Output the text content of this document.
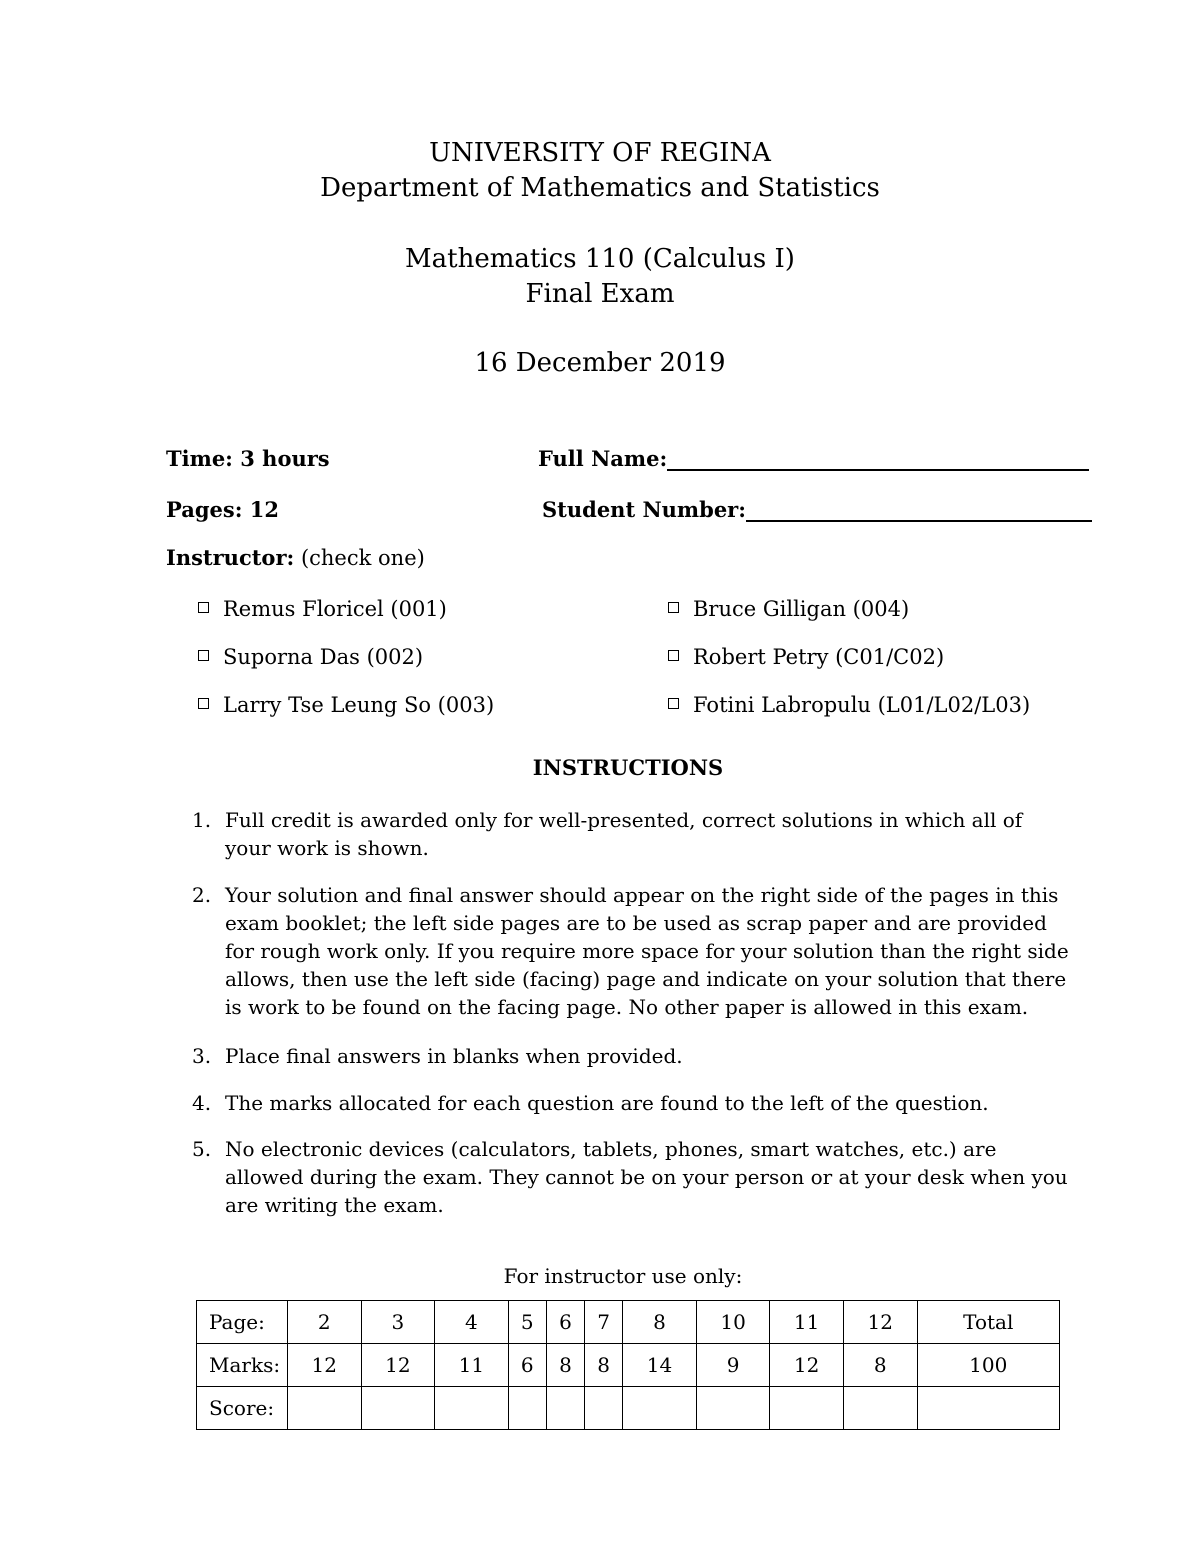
UNIVERSITY OF REGINA
Department of Mathematics and Statistics
Mathematics 110 (Calculus I)
Final Exam
16 December 2019
Time: 3 hours	Full Name:
Pages: 12	Student Number:
Instructor: (check one)
Remus Floricel (001)
Suporna Das (002)
Larry Tse Leung So (003)
Bruce Gilligan (004)
Robert Petry (C01/C02)
Fotini Labropulu (L01/L02/L03)
INSTRUCTIONS
1. Full credit is awarded only for well-presented, correct solutions in which all of your work is shown.
2. Your solution and final answer should appear on the right side of the pages in this exam booklet; the left side pages are to be used as scrap paper and are provided for rough work only. If you require more space for your solution than the right side allows, then use the left side (facing) page and indicate on your solution that there is work to be found on the facing page. No other paper is allowed in this exam.
3. Place final answers in blanks when provided.
4. The marks allocated for each question are found to the left of the question.
5. No electronic devices (calculators, tablets, phones, smart watches, etc.) are allowed during the exam. They cannot be on your person or at your desk when you are writing the exam.
For instructor use only:
Page:	2	3	4	5	6	7	8	10	11	12	Total
Marks:	12	12	11	6	8	8	14	9	12	8	100
Score:											
